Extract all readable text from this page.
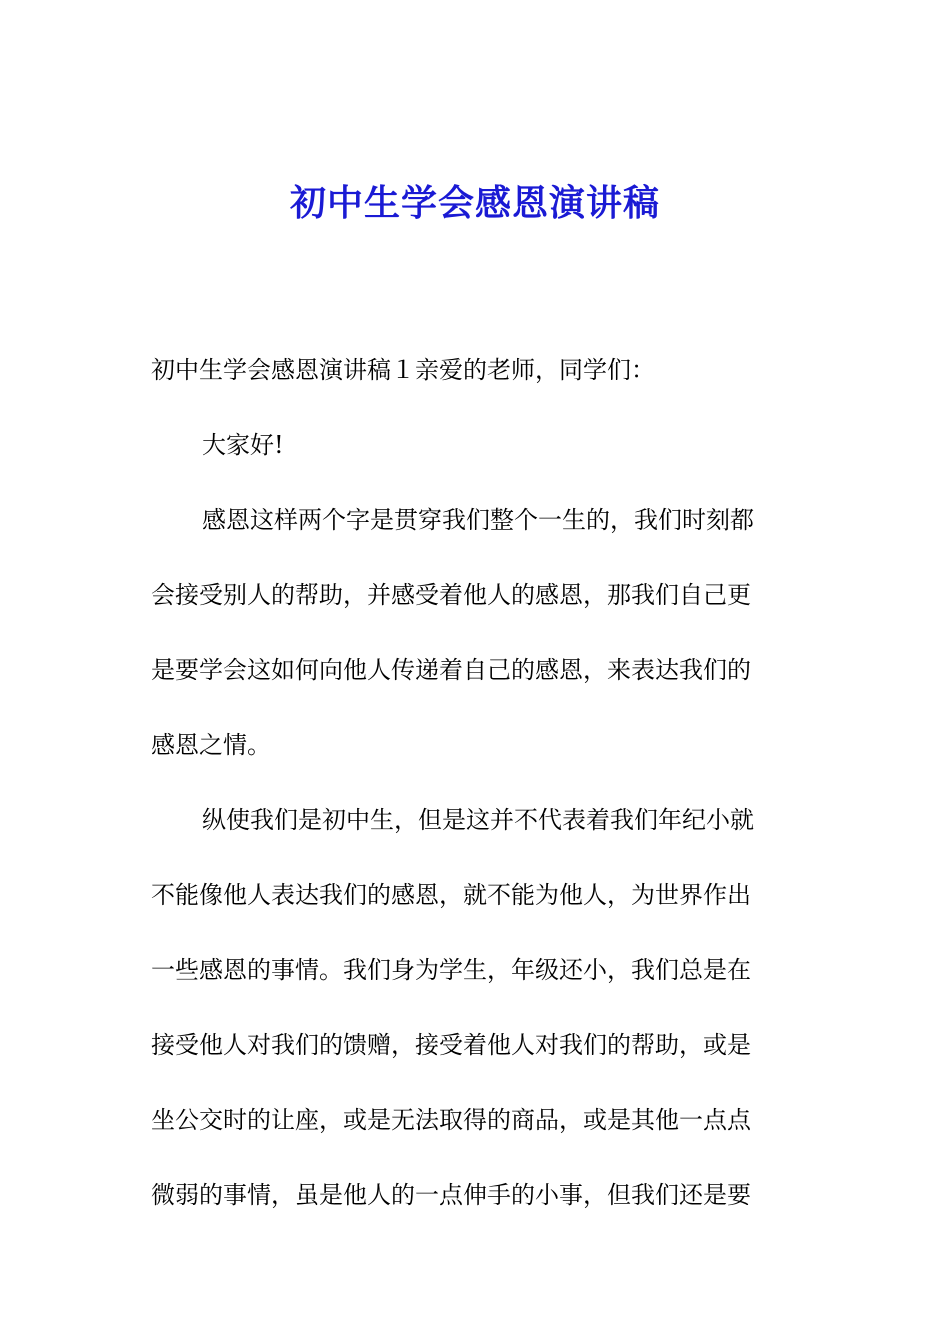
初中生学会感恩演讲稿

初中生学会感恩演讲稿１亲爱的老师，同学们：

大家好!

感恩这样两个字是贯穿我们整个一生的，我们时刻都
会接受别人的帮助，并感受着他人的感恩，那我们自己更
是要学会这如何向他人传递着自己的感恩，来表达我们的
感恩之情。

纵使我们是初中生，但是这并不代表着我们年纪小就
不能像他人表达我们的感恩，就不能为他人，为世界作出
一些感恩的事情。我们身为学生，年级还小，我们总是在
接受他人对我们的馈赠，接受着他人对我们的帮助，或是
坐公交时的让座，或是无法取得的商品，或是其他一点点
微弱的事情，虽是他人的一点伸手的小事，但我们还是要
